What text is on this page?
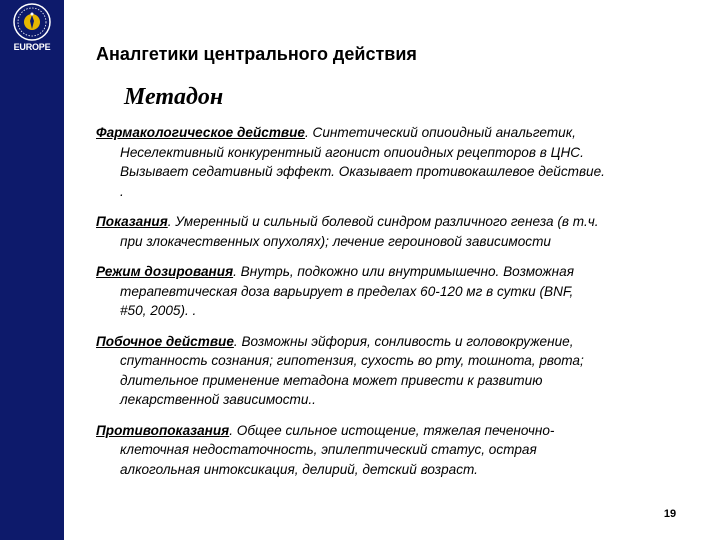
EUROPE	Аналгетики центрального действия
Метадон

Фармакологическое действие. Синтетический опиоидный анальгетик,
Неселективный конкурентный агонист опиоидных рецепторов в ЦНС.
Вызывает седативный эффект. Оказывает противокашлевое действие.
.

Показания. Умеренный и сильный болевой синдром различного генеза (в т.ч.
при злокачественных опухолях); лечение героиновой зависимости

Режим дозирования. Внутрь, подкожно или внутримышечно. Возможная
терапевтическая доза варьирует в пределах 60-120 мг в сутки (BNF,
#50, 2005). .

Побочное действие. Возможны эйфория, сонливость и головокружение,
спутанность сознания; гипотензия, сухость во рту, тошнота, рвота;
длительное применение метадона может привести к развитию
лекарственной зависимости..

Противопоказания. Общее сильное истощение, тяжелая печеночно-
клеточная недостаточность, эпилептический статус, острая
алкогольная интоксикация, делирий, детский возраст.

19
